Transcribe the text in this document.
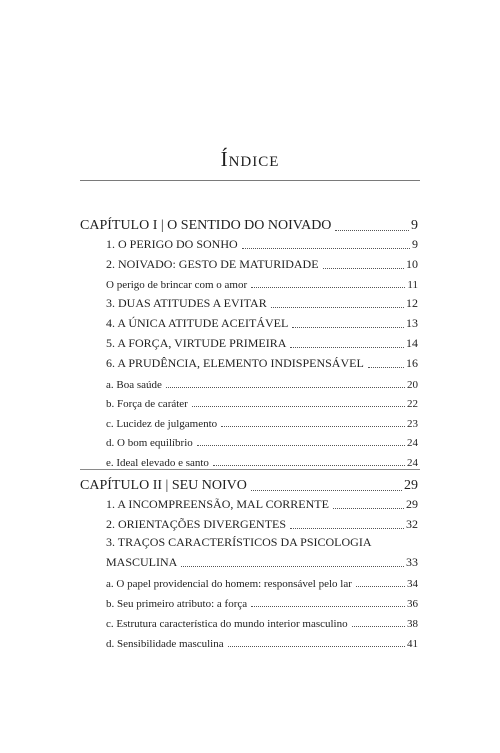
Índice
CAPÍTULO I | O SENTIDO DO NOIVADO	9
1. O PERIGO DO SONHO	9
2. NOIVADO: GESTO DE MATURIDADE	10
O perigo de brincar com o amor	11
3. DUAS ATITUDES A EVITAR	12
4. A ÚNICA ATITUDE ACEITÁVEL	13
5. A FORÇA, VIRTUDE PRIMEIRA	14
6. A PRUDÊNCIA, ELEMENTO INDISPENSÁVEL	16
a. Boa saúde	20
b. Força de caráter	22
c. Lucidez de julgamento	23
d. O bom equilíbrio	24
e. Ideal elevado e santo	24
CAPÍTULO II | SEU NOIVO	29
1. A INCOMPREENSÃO, MAL CORRENTE	29
2. ORIENTAÇÕES DIVERGENTES	32
3. TRAÇOS CARACTERÍSTICOS DA PSICOLOGIA
MASCULINA	33
a. O papel providencial do homem: responsável pelo lar	34
b. Seu primeiro atributo: a força	36
c. Estrutura característica do mundo interior masculino	38
d. Sensibilidade masculina	41
